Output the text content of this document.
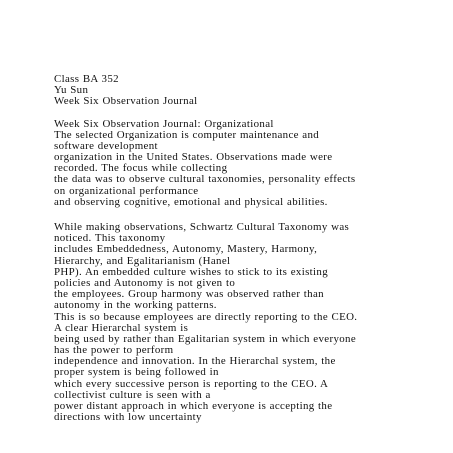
Class BA 352
Yu Sun
Week Six Observation Journal
Week Six Observation Journal: Organizational
The selected Organization is computer maintenance and
software development
organization in the United States. Observations made were
recorded. The focus while collecting
the data was to observe cultural taxonomies, personality effects
on organizational performance
and observing cognitive, emotional and physical abilities.
While making observations, Schwartz Cultural Taxonomy was
noticed. This taxonomy
includes Embeddedness, Autonomy, Mastery, Harmony,
Hierarchy, and Egalitarianism (Hanel
PHP). An embedded culture wishes to stick to its existing
policies and Autonomy is not given to
the employees. Group harmony was observed rather than
autonomy in the working patterns.
This is so because employees are directly reporting to the CEO.
A clear Hierarchal system is
being used by rather than Egalitarian system in which everyone
has the power to perform
independence and innovation. In the Hierarchal system, the
proper system is being followed in
which every successive person is reporting to the CEO. A
collectivist culture is seen with a
power distant approach in which everyone is accepting the
directions with low uncertainty
